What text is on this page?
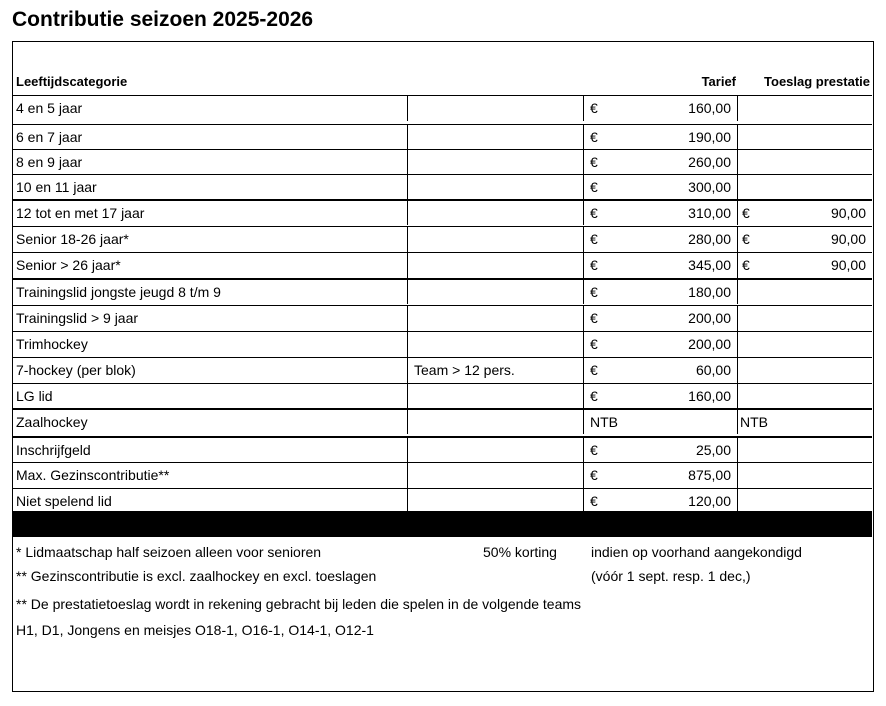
Contributie seizoen 2025-2026
Leeftijdscategorie	Tarief Toeslag prestatie
4 en 5 jaar	€	160,00
6 en 7 jaar	€	190,00
8 en 9 jaar	€	260,00
10 en 11 jaar	€	300,00
12 tot en met 17 jaar	€	310,00 €	90,00
Senior 18-26 jaar*	€	280,00 €	90,00
Senior > 26 jaar*	€	345,00 €	90,00
Trainingslid jongste jeugd 8 t/m 9	€	180,00
Trainingslid > 9 jaar	€	200,00
Trimhockey	€	200,00
7-hockey (per blok)	Team > 12 pers.	€	60,00
LG lid	€	160,00
Zaalhockey	NTB	NTB
Inschrijfgeld	€	25,00
Max. Gezinscontributie**	€	875,00
Niet spelend lid	€	120,00
* Lidmaatschap half seizoen alleen voor senioren	50% korting indien op voorhand aangekondigd
** Gezinscontributie is excl. zaalhockey en excl. toeslagen	(vóór 1 sept. resp. 1 dec,)
** De prestatietoeslag wordt in rekening gebracht bij leden die spelen in de volgende teams
H1, D1, Jongens en meisjes O18-1, O16-1, O14-1, O12-1
